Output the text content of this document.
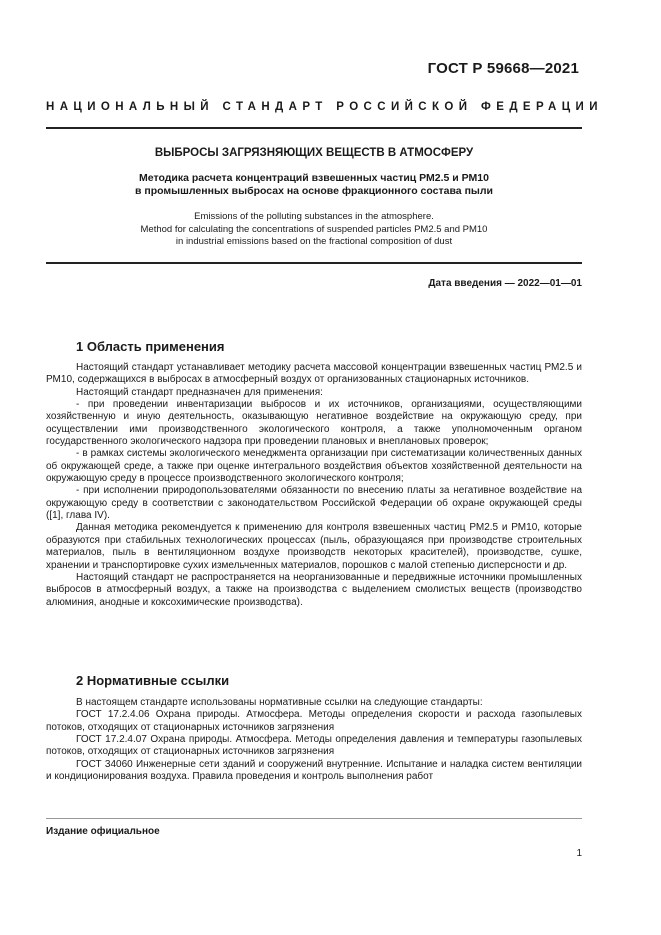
ГОСТ Р 59668—2021
НАЦИОНАЛЬНЫЙ СТАНДАРТ РОССИЙСКОЙ ФЕДЕРАЦИИ
ВЫБРОСЫ ЗАГРЯЗНЯЮЩИХ ВЕЩЕСТВ В АТМОСФЕРУ
Методика расчета концентраций взвешенных частиц РМ2.5 и РМ10
в промышленных выбросах на основе фракционного состава пыли
Emissions of the polluting substances in the atmosphere.
Method for calculating the concentrations of suspended particles PM2.5 and PM10
in industrial emissions based on the fractional composition of dust
Дата введения — 2022—01—01
1 Область применения

Настоящий стандарт устанавливает методику расчета массовой концентрации взвешенных частиц РМ2.5 и РМ10, содержащихся в выбросах в атмосферный воздух от организованных стационарных источников.

Настоящий стандарт предназначен для применения:

- при проведении инвентаризации выбросов и их источников, организациями, осуществляющими хозяйственную и иную деятельность, оказывающую негативное воздействие на окружающую среду, при осуществлении ими производственного экологического контроля, а также уполномоченным органом государственного экологического надзора при проведении плановых и внеплановых проверок;

- в рамках системы экологического менеджмента организации при систематизации количественных данных об окружающей среде, а также при оценке интегрального воздействия объектов хозяйственной деятельности на окружающую среду в процессе производственного экологического контроля;

- при исполнении природопользователями обязанности по внесению платы за негативное воздействие на окружающую среду в соответствии с законодательством Российской Федерации об охране окружающей среды ([1], глава IV).

Данная методика рекомендуется к применению для контроля взвешенных частиц РМ2.5 и РМ10, которые образуются при стабильных технологических процессах (пыль, образующаяся при производстве строительных материалов, пыль в вентиляционном воздухе производств некоторых красителей), производстве, сушке, хранении и транспортировке сухих измельченных материалов, порошков с малой степенью дисперсности и др.

Настоящий стандарт не распространяется на неорганизованные и передвижные источники промышленных выбросов в атмосферный воздух, а также на производства с выделением смолистых веществ (производство алюминия, анодные и коксохимические производства).

2 Нормативные ссылки

В настоящем стандарте использованы нормативные ссылки на следующие стандарты:

ГОСТ 17.2.4.06 Охрана природы. Атмосфера. Методы определения скорости и расхода газопылевых потоков, отходящих от стационарных источников загрязнения

ГОСТ 17.2.4.07 Охрана природы. Атмосфера. Методы определения давления и температуры газопылевых потоков, отходящих от стационарных источников загрязнения

ГОСТ 34060 Инженерные сети зданий и сооружений внутренние. Испытание и наладка систем вентиляции и кондиционирования воздуха. Правила проведения и контроль выполнения работ

Издание официальное
1
